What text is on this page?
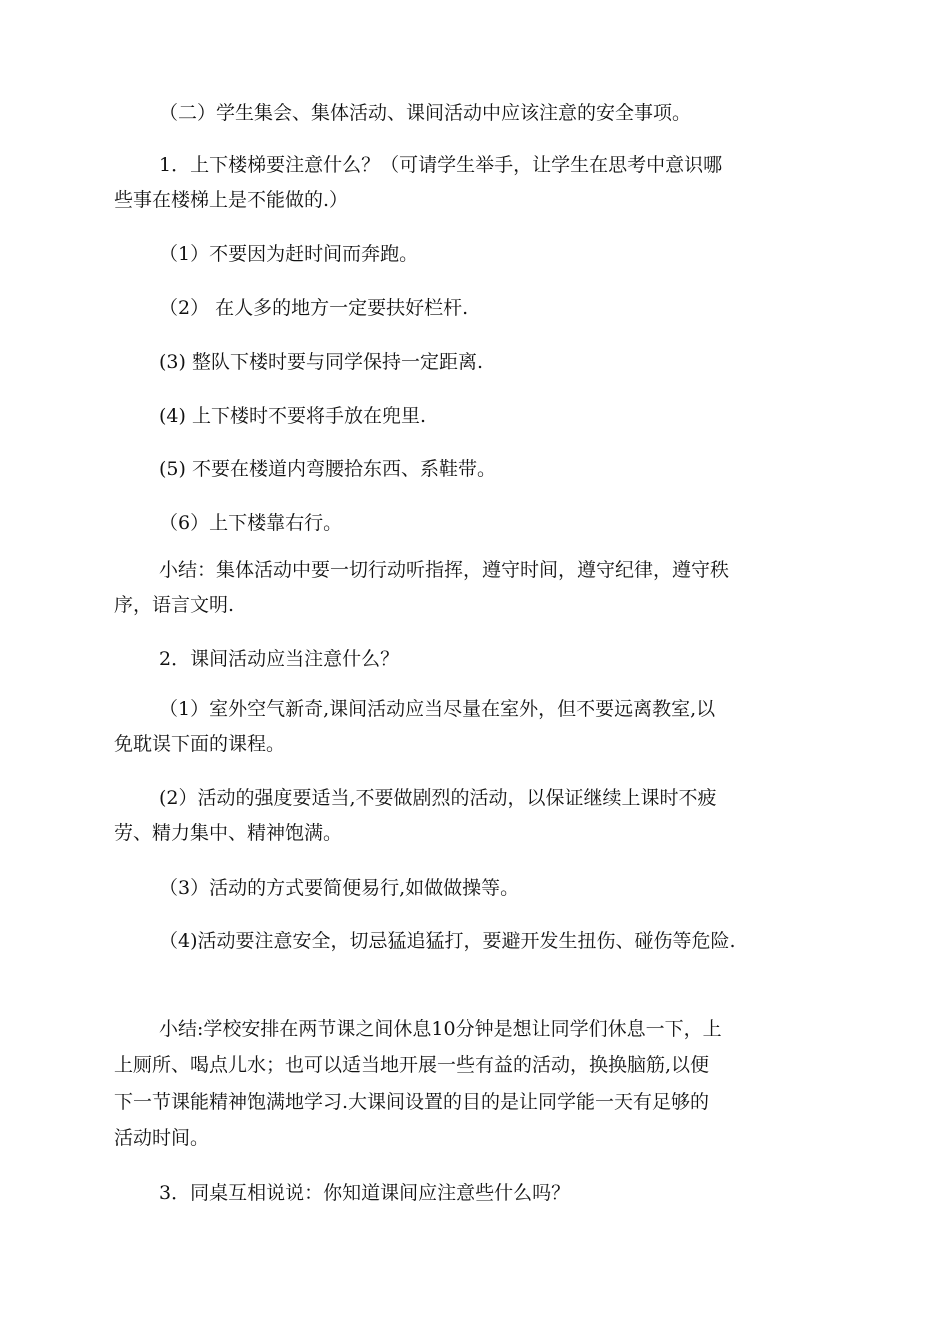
（二）学生集会、集体活动、课间活动中应该注意的安全事项。
1．上下楼梯要注意什么？（可请学生举手，让学生在思考中意识哪
些事在楼梯上是不能做的.）
（1）不要因为赶时间而奔跑。
（2） 在人多的地方一定要扶好栏杆.
(3) 整队下楼时要与同学保持一定距离.
(4) 上下楼时不要将手放在兜里.
(5) 不要在楼道内弯腰拾东西、系鞋带。
（6）上下楼靠右行。
小结：集体活动中要一切行动听指挥，遵守时间，遵守纪律，遵守秩
序，语言文明.
2．课间活动应当注意什么？
（1）室外空气新奇,课间活动应当尽量在室外，但不要远离教室,以
免耽误下面的课程。
(2）活动的强度要适当,不要做剧烈的活动，以保证继续上课时不疲
劳、精力集中、精神饱满。
（3）活动的方式要简便易行,如做做操等。
（4)活动要注意安全，切忌猛追猛打，要避开发生扭伤、碰伤等危险.
小结:学校安排在两节课之间休息10分钟是想让同学们休息一下，上
上厕所、喝点儿水；也可以适当地开展一些有益的活动，换换脑筋,以便
下一节课能精神饱满地学习.大课间设置的目的是让同学能一天有足够的
活动时间。
3．同桌互相说说：你知道课间应注意些什么吗？
